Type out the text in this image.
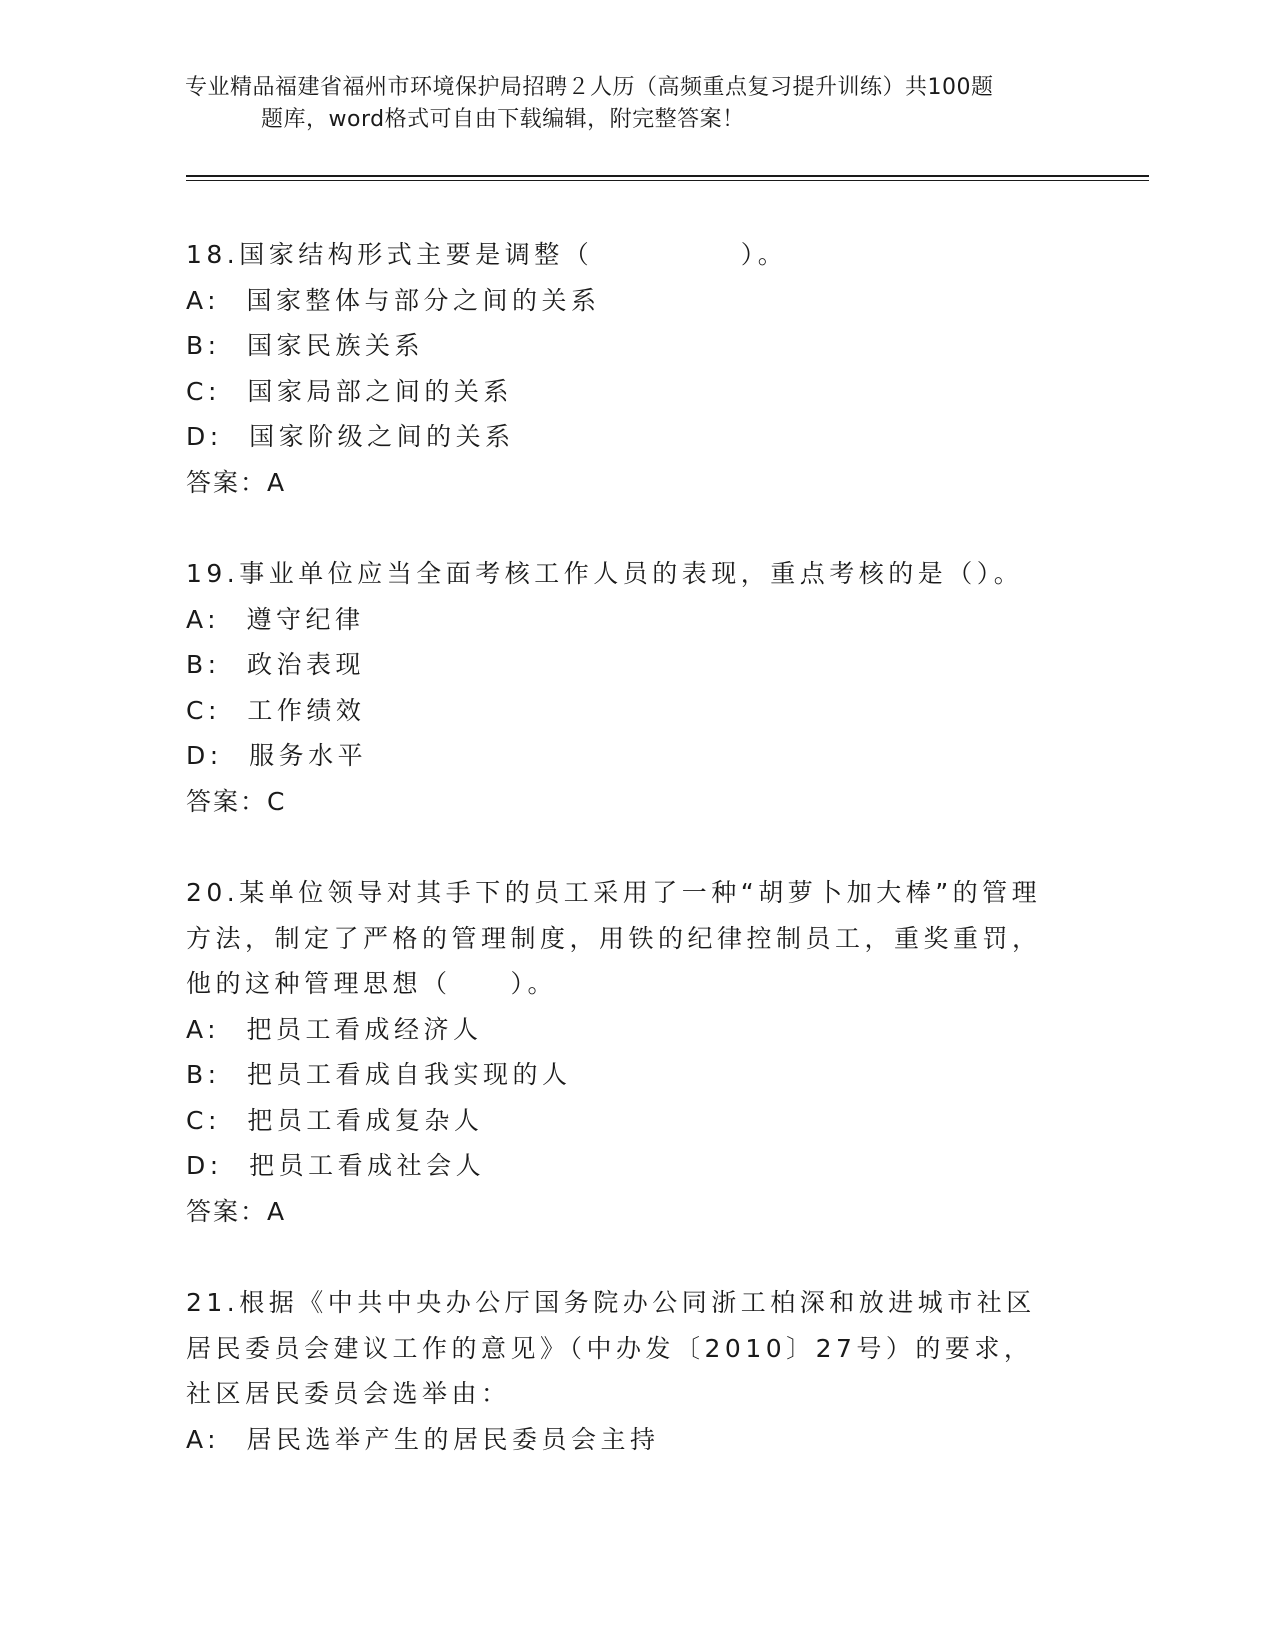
专业精品福建省福州市环境保护局招聘２人历（高频重点复习提升训练）共100题
题库，word格式可自由下载编辑，附完整答案！
18.国家结构形式主要是调整（　　　　　）。
A: 国家整体与部分之间的关系
B: 国家民族关系
C: 国家局部之间的关系
D: 国家阶级之间的关系
答案：A
19.事业单位应当全面考核工作人员的表现，重点考核的是（）。
A: 遵守纪律
B: 政治表现
C: 工作绩效
D: 服务水平
答案：C
20.某单位领导对其手下的员工采用了一种“胡萝卜加大棒”的管理方法，制定了严格的管理制度，用铁的纪律控制员工，重奖重罚，他的这种管理思想（　　）。
A: 把员工看成经济人
B: 把员工看成自我实现的人
C: 把员工看成复杂人
D: 把员工看成社会人
答案：A
21.根据《中共中央办公厅国务院办公同浙工柏深和放进城市社区居民委员会建议工作的意见》（中办发〔2010〕27号）的要求，社区居民委员会选举由：
A: 居民选举产生的居民委员会主持
